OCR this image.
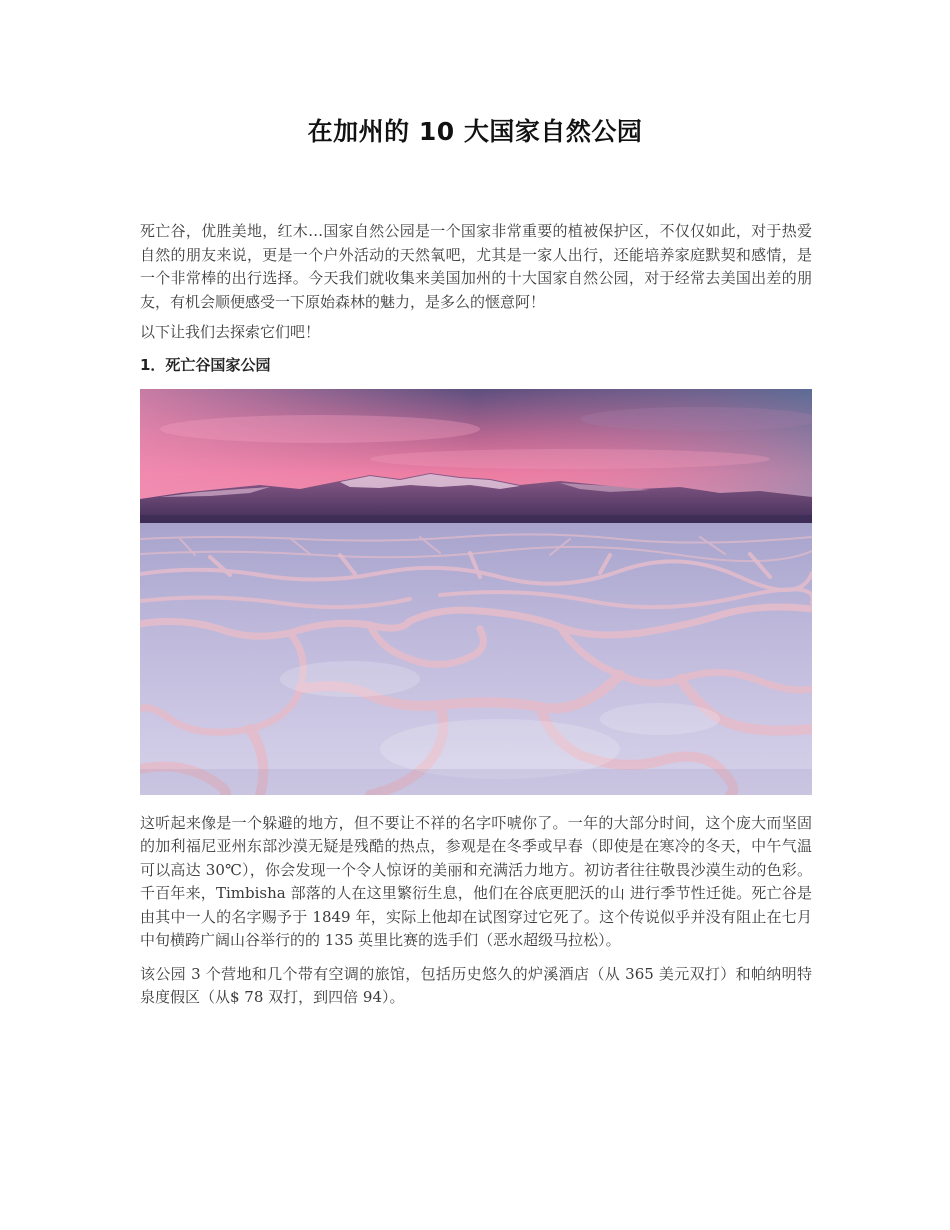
在加州的 10 大国家自然公园

死亡谷，优胜美地，红木…国家自然公园是一个国家非常重要的植被保护区，不仅仅如此，对于热爱自然的朋友来说，更是一个户外活动的天然氧吧，尤其是一家人出行，还能培养家庭默契和感情，是一个非常棒的出行选择。今天我们就收集来美国加州的十大国家自然公园，对于经常去美国出差的朋友，有机会顺便感受一下原始森林的魅力，是多么的惬意阿！

以下让我们去探索它们吧！

1．死亡谷国家公园

这听起来像是一个躲避的地方，但不要让不祥的名字吓唬你了。一年的大部分时间，这个庞大而坚固的加利福尼亚州东部沙漠无疑是残酷的热点，参观是在冬季或早春（即使是在寒冷的冬天，中午气温可以高达 30℃），你会发现一个令人惊讶的美丽和充满活力地方。初访者往往敬畏沙漠生动的色彩。千百年来，Timbisha 部落的人在这里繁衍生息，他们在谷底更肥沃的山 进行季节性迁徙。死亡谷是由其中一人的名字赐予于 1849 年，实际上他却在试图穿过它死了。这个传说似乎并没有阻止在七月中旬横跨广阔山谷举行的的 135 英里比赛的选手们（恶水超级马拉松）。

该公园 3 个营地和几个带有空调的旅馆，包括历史悠久的炉溪酒店（从 365 美元双打）和帕纳明特泉度假区（从$ 78 双打，到四倍 94）。
